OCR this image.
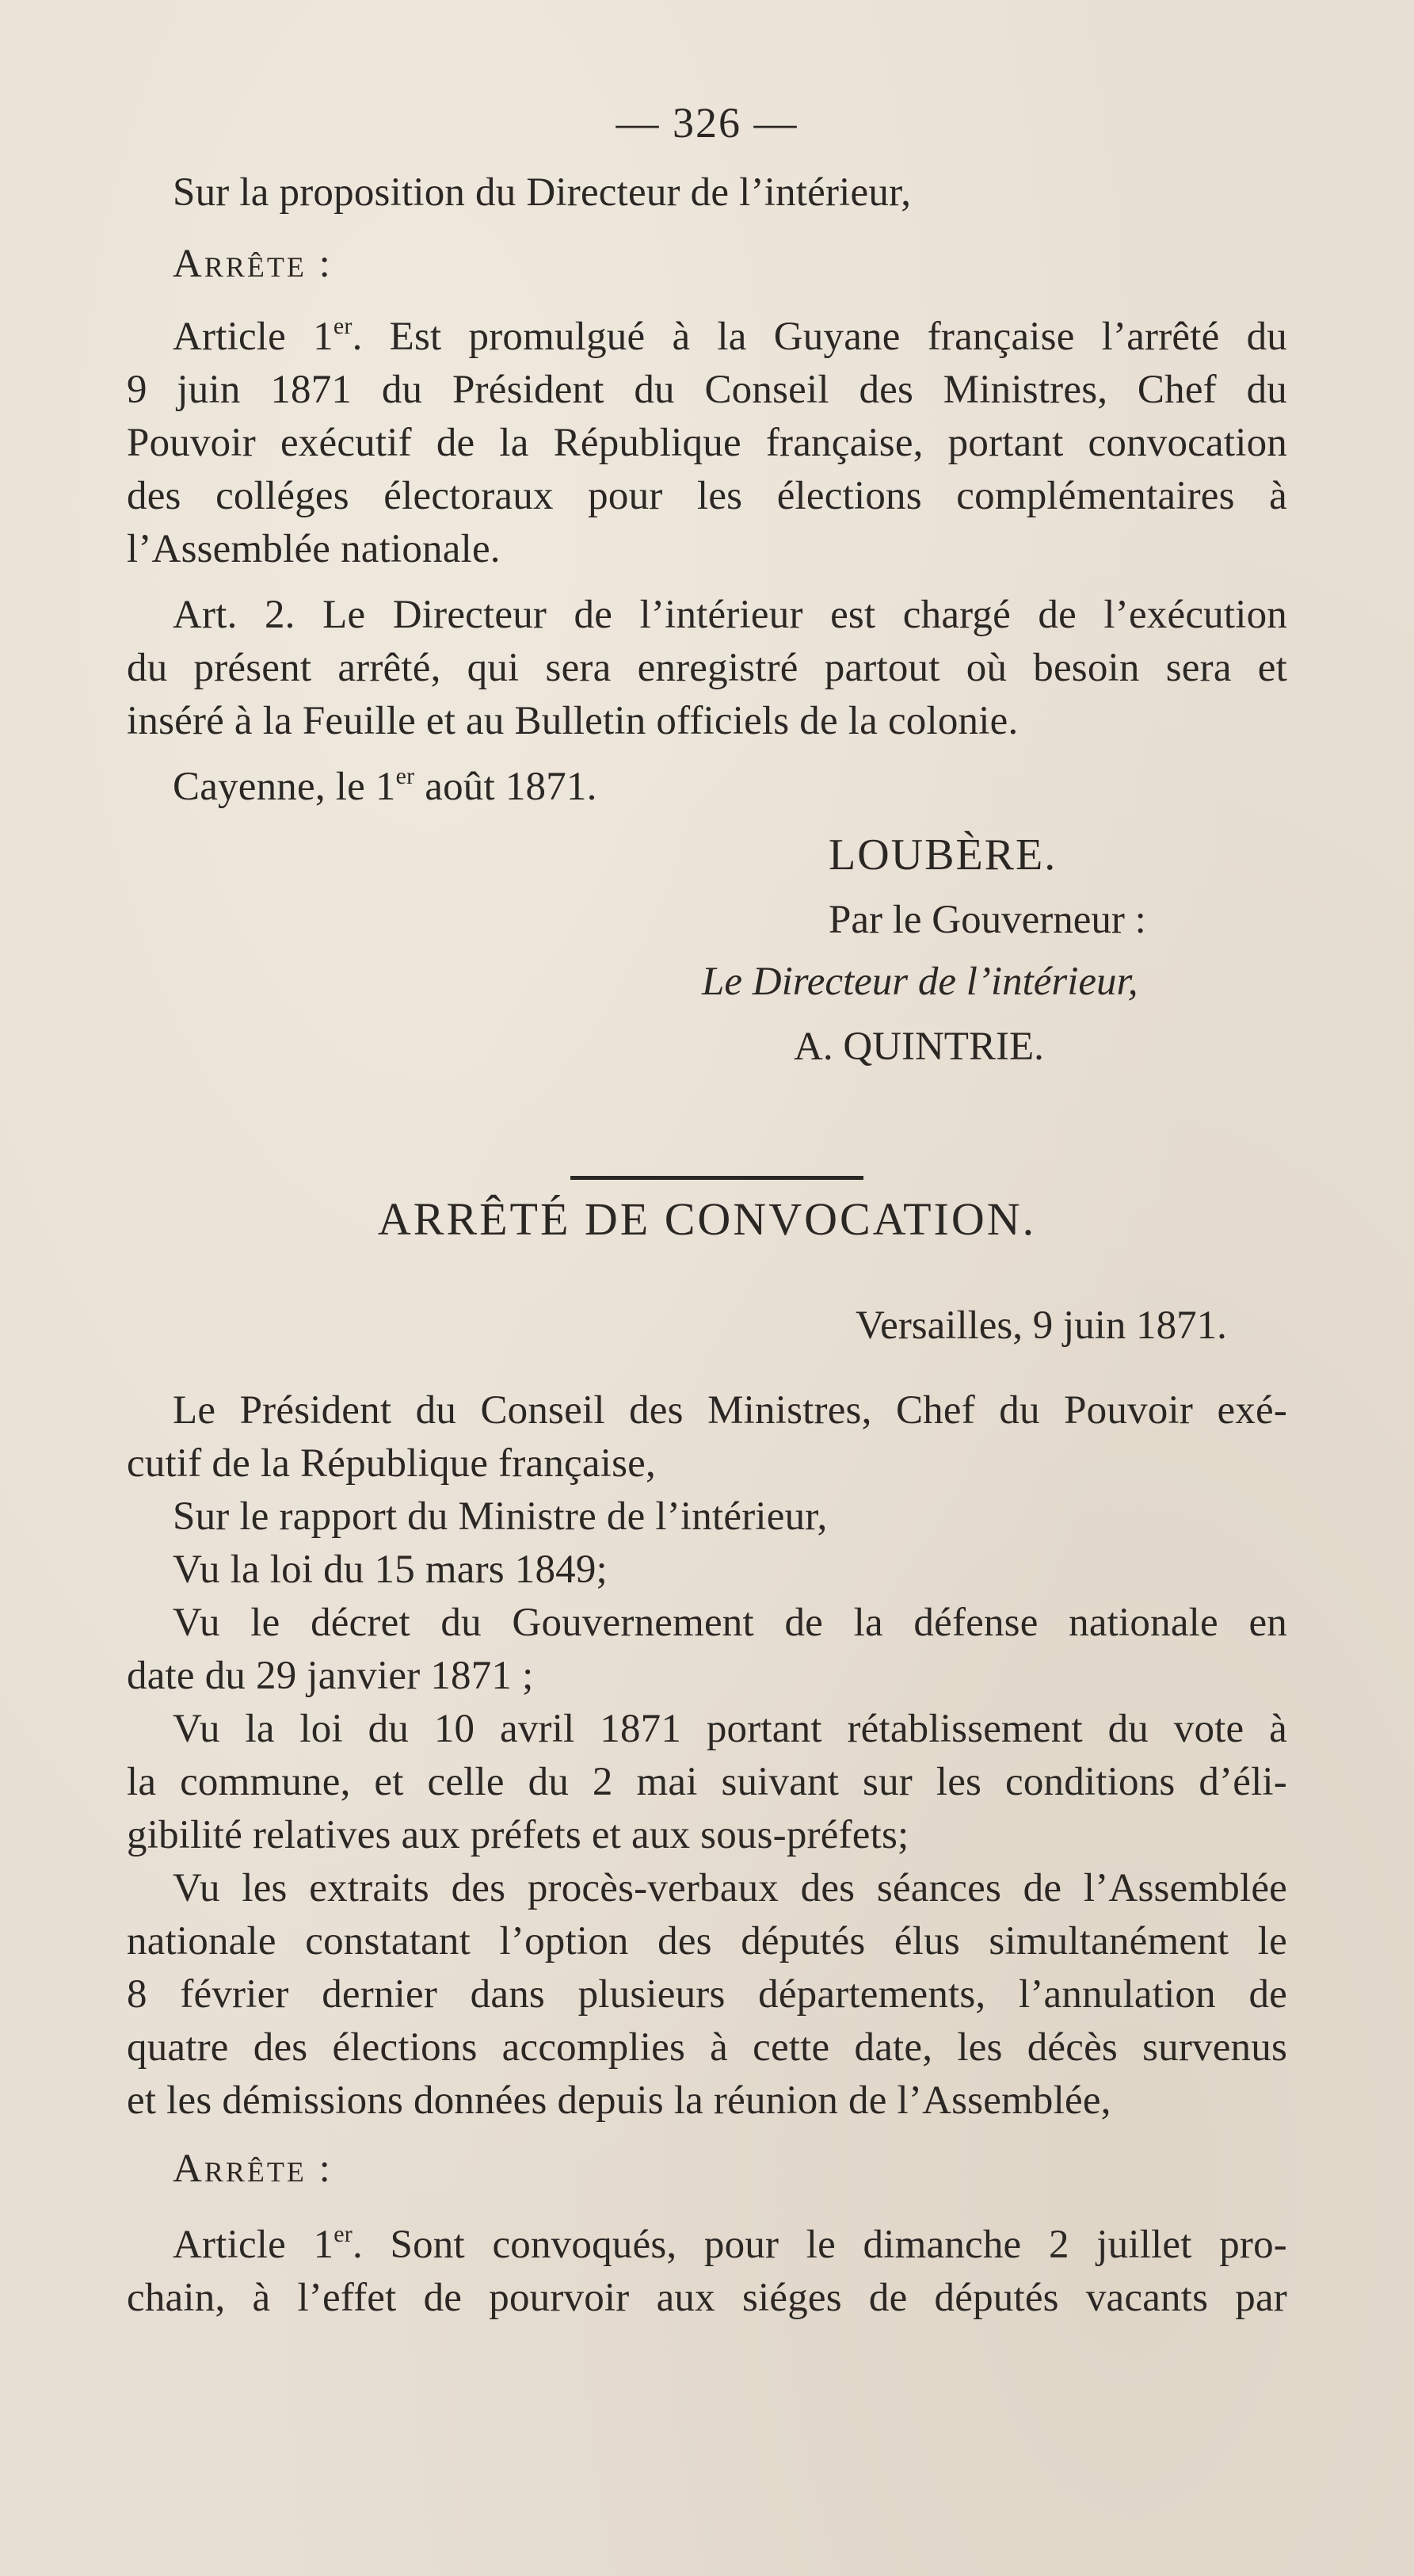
— 326 —
Sur la proposition du Directeur de l’intérieur,
Arrête :
Article 1er. Est promulgué à la Guyane française l’arrêté du
9 juin 1871 du Président du Conseil des Ministres, Chef du
Pouvoir exécutif de la République française, portant convocation
des colléges électoraux pour les élections complémentaires à
l’Assemblée nationale.
Art. 2. Le Directeur de l’intérieur est chargé de l’exécution
du présent arrêté, qui sera enregistré partout où besoin sera et
inséré à la Feuille et au Bulletin officiels de la colonie.
Cayenne, le 1er août 1871.
LOUBÈRE.
Par le Gouverneur :
Le Directeur de l’intérieur,
A. QUINTRIE.
ARRÊTÉ DE CONVOCATION.
Versailles, 9 juin 1871.
Le Président du Conseil des Ministres, Chef du Pouvoir exé-
cutif de la République française,
Sur le rapport du Ministre de l’intérieur,
Vu la loi du 15 mars 1849;
Vu le décret du Gouvernement de la défense nationale en
date du 29 janvier 1871 ;
Vu la loi du 10 avril 1871 portant rétablissement du vote à
la commune, et celle du 2 mai suivant sur les conditions d’éli-
gibilité relatives aux préfets et aux sous-préfets;
Vu les extraits des procès-verbaux des séances de l’Assemblée
nationale constatant l’option des députés élus simultanément le
8 février dernier dans plusieurs départements, l’annulation de
quatre des élections accomplies à cette date, les décès survenus
et les démissions données depuis la réunion de l’Assemblée,
Arrête :
Article 1er. Sont convoqués, pour le dimanche 2 juillet pro-
chain, à l’effet de pourvoir aux siéges de députés vacants par
